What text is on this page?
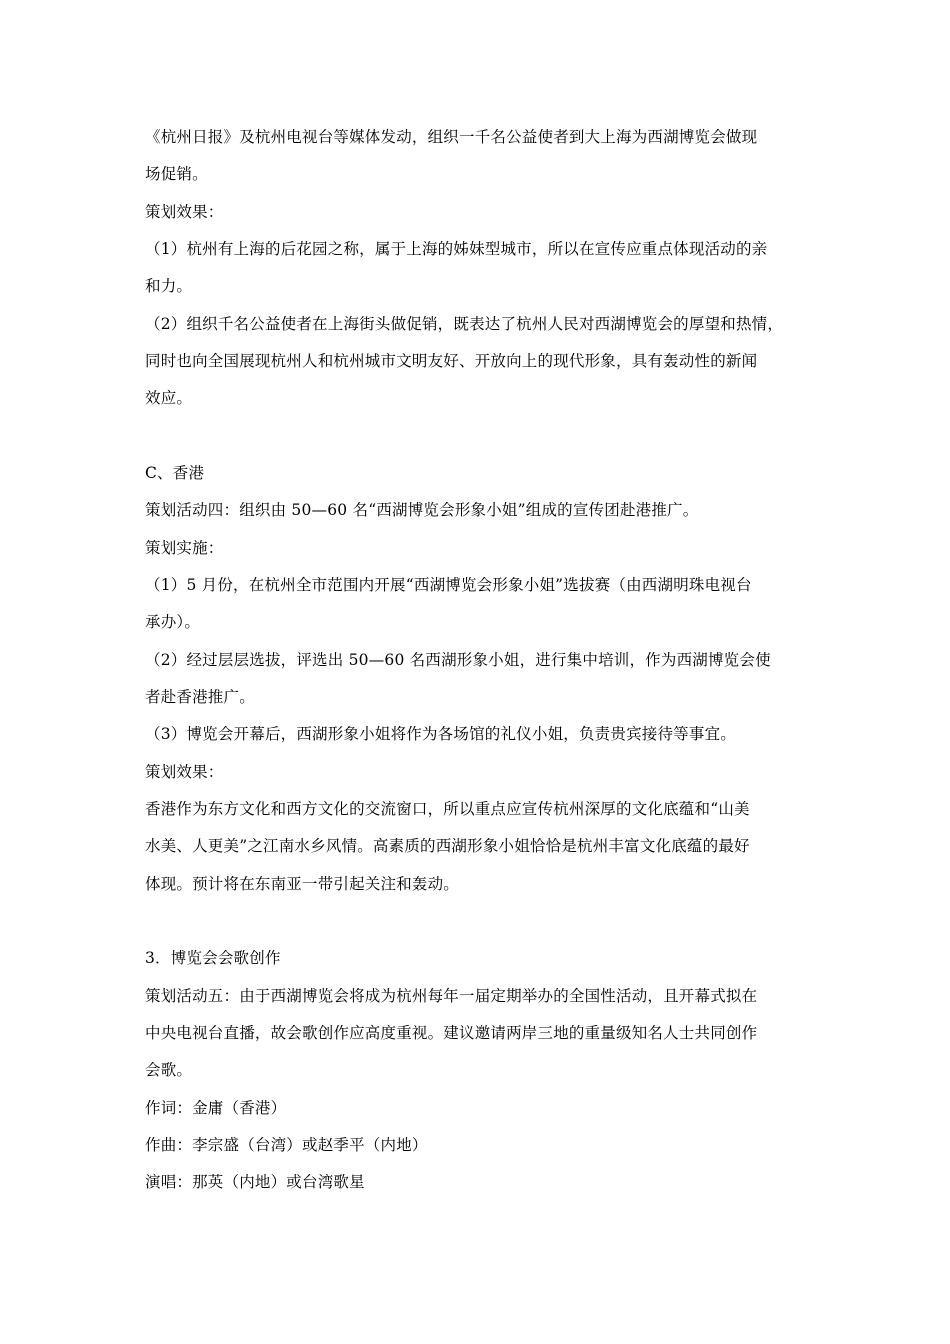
《杭州日报》及杭州电视台等媒体发动，组织一千名公益使者到大上海为西湖博览会做现
场促销。
策划效果：
（1）杭州有上海的后花园之称，属于上海的姊妹型城市，所以在宣传应重点体现活动的亲
和力。
（2）组织千名公益使者在上海街头做促销，既表达了杭州人民对西湖博览会的厚望和热情，
同时也向全国展现杭州人和杭州城市文明友好、开放向上的现代形象，具有轰动性的新闻
效应。
C、香港
策划活动四：组织由 50—60 名“西湖博览会形象小姐”组成的宣传团赴港推广。
策划实施：
（1）5 月份，在杭州全市范围内开展“西湖博览会形象小姐”选拔赛（由西湖明珠电视台
承办）。
（2）经过层层选拔，评选出 50—60 名西湖形象小姐，进行集中培训，作为西湖博览会使
者赴香港推广。
（3）博览会开幕后，西湖形象小姐将作为各场馆的礼仪小姐，负责贵宾接待等事宜。
策划效果：
香港作为东方文化和西方文化的交流窗口，所以重点应宣传杭州深厚的文化底蕴和“山美
水美、人更美”之江南水乡风情。高素质的西湖形象小姐恰恰是杭州丰富文化底蕴的最好
体现。预计将在东南亚一带引起关注和轰动。
3．博览会会歌创作
策划活动五：由于西湖博览会将成为杭州每年一届定期举办的全国性活动，且开幕式拟在
中央电视台直播，故会歌创作应高度重视。建议邀请两岸三地的重量级知名人士共同创作
会歌。
作词：金庸（香港）
作曲：李宗盛（台湾）或赵季平（内地）
演唱：那英（内地）或台湾歌星
